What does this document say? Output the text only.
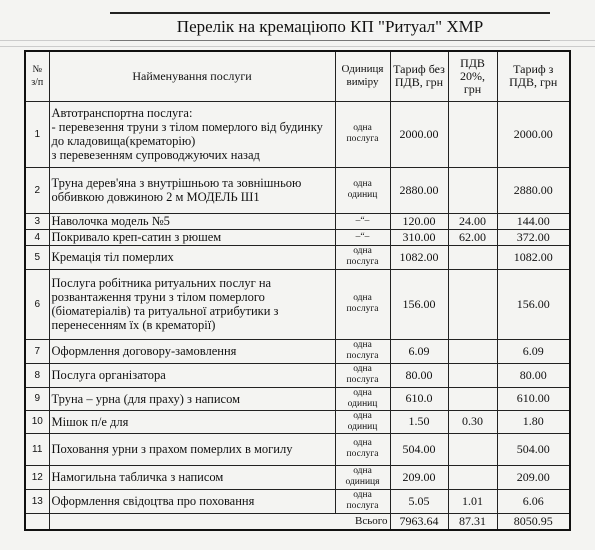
Перелік на кремаціюпо КП "Ритуал" ХМР
№ з/п	Найменування послуги	Одиниця виміру	Тариф без ПДВ, грн	ПДВ 20%, грн	Тариф з ПДВ, грн
1	Автотранспортна послуга:
- перевезення труни з тілом померлого від будинку до кладовища(крематорію)
з перевезенням супроводжуючих назад	одна послуга	2000.00		2000.00
2	Труна дерев'яна з внутрішньою та зовнішньою оббивкою довжиною 2 м МОДЕЛЬ Ш1	одна одиниц	2880.00		2880.00
3	Наволочка модель №5	–“–	120.00	24.00	144.00
4	Покривало креп-сатин з рюшем	–“–	310.00	62.00	372.00
5	Кремація тіл померлих	одна послуга	1082.00		1082.00
6	Послуга робітника ритуальних послуг на розвантаження труни з тілом померлого (біоматеріалів) та ритуальної атрибутики з перенесенням їх (в крематорії)	одна послуга	156.00		156.00
7	Оформлення договору-замовлення	одна послуга	6.09		6.09
8	Послуга організатора	одна послуга	80.00		80.00
9	Труна – урна (для праху) з написом	одна одиниц	610.0		610.00
10	Мішок п/е для	одна одиниц	1.50	0.30	1.80
11	Поховання урни з прахом померлих в могилу	одна послуга	504.00		504.00
12	Намогильна табличка з написом	одна одиниця	209.00		209.00
13	Оформлення свідоцтва про поховання	одна послуга	5.05	1.01	6.06
	Всього		7963.64	87.31	8050.95
